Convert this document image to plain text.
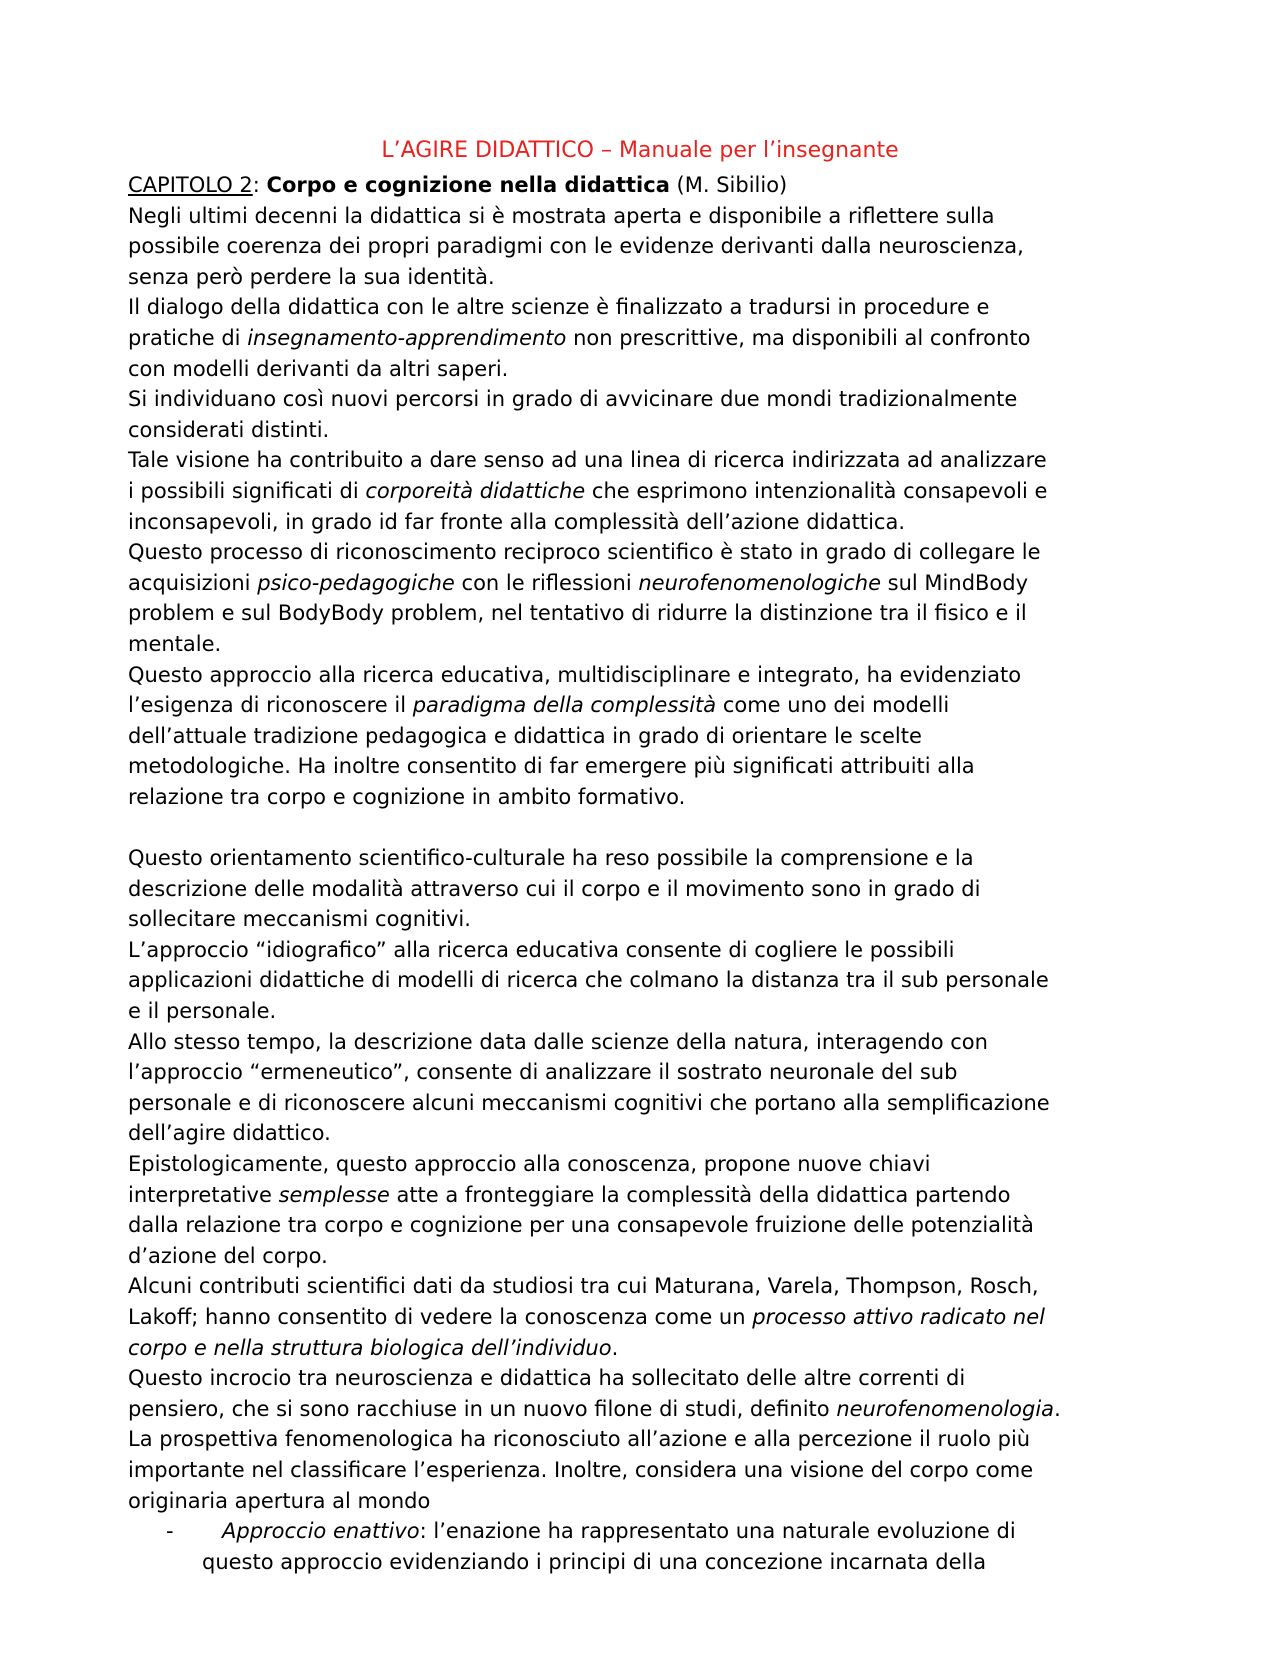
L’AGIRE DIDATTICO – Manuale per l’insegnante
CAPITOLO 2: Corpo e cognizione nella didattica (M. Sibilio)
Negli ultimi decenni la didattica si è mostrata aperta e disponibile a riflettere sulla
possibile coerenza dei propri paradigmi con le evidenze derivanti dalla neuroscienza,
senza però perdere la sua identità.
Il dialogo della didattica con le altre scienze è finalizzato a tradursi in procedure e
pratiche di insegnamento-apprendimento non prescrittive, ma disponibili al confronto
con modelli derivanti da altri saperi.
Si individuano così nuovi percorsi in grado di avvicinare due mondi tradizionalmente
considerati distinti.
Tale visione ha contribuito a dare senso ad una linea di ricerca indirizzata ad analizzare
i possibili significati di corporeità didattiche che esprimono intenzionalità consapevoli e
inconsapevoli, in grado id far fronte alla complessità dell’azione didattica.
Questo processo di riconoscimento reciproco scientifico è stato in grado di collegare le
acquisizioni psico-pedagogiche con le riflessioni neurofenomenologiche sul MindBody
problem e sul BodyBody problem, nel tentativo di ridurre la distinzione tra il fisico e il
mentale.
Questo approccio alla ricerca educativa, multidisciplinare e integrato, ha evidenziato
l’esigenza di riconoscere il paradigma della complessità come uno dei modelli
dell’attuale tradizione pedagogica e didattica in grado di orientare le scelte
metodologiche. Ha inoltre consentito di far emergere più significati attribuiti alla
relazione tra corpo e cognizione in ambito formativo.
Questo orientamento scientifico-culturale ha reso possibile la comprensione e la
descrizione delle modalità attraverso cui il corpo e il movimento sono in grado di
sollecitare meccanismi cognitivi.
L’approccio “idiografico” alla ricerca educativa consente di cogliere le possibili
applicazioni didattiche di modelli di ricerca che colmano la distanza tra il sub personale
e il personale.
Allo stesso tempo, la descrizione data dalle scienze della natura, interagendo con
l’approccio “ermeneutico”, consente di analizzare il sostrato neuronale del sub
personale e di riconoscere alcuni meccanismi cognitivi che portano alla semplificazione
dell’agire didattico.
Epistologicamente, questo approccio alla conoscenza, propone nuove chiavi
interpretative semplesse atte a fronteggiare la complessità della didattica partendo
dalla relazione tra corpo e cognizione per una consapevole fruizione delle potenzialità
d’azione del corpo.
Alcuni contributi scientifici dati da studiosi tra cui Maturana, Varela, Thompson, Rosch,
Lakoff; hanno consentito di vedere la conoscenza come un processo attivo radicato nel
corpo e nella struttura biologica dell’individuo.
Questo incrocio tra neuroscienza e didattica ha sollecitato delle altre correnti di
pensiero, che si sono racchiuse in un nuovo filone di studi, definito neurofenomenologia.
La prospettiva fenomenologica ha riconosciuto all’azione e alla percezione il ruolo più
importante nel classificare l’esperienza. Inoltre, considera una visione del corpo come
originaria apertura al mondo
- Approccio enattivo: l’enazione ha rappresentato una naturale evoluzione di
questo approccio evidenziando i principi di una concezione incarnata della
